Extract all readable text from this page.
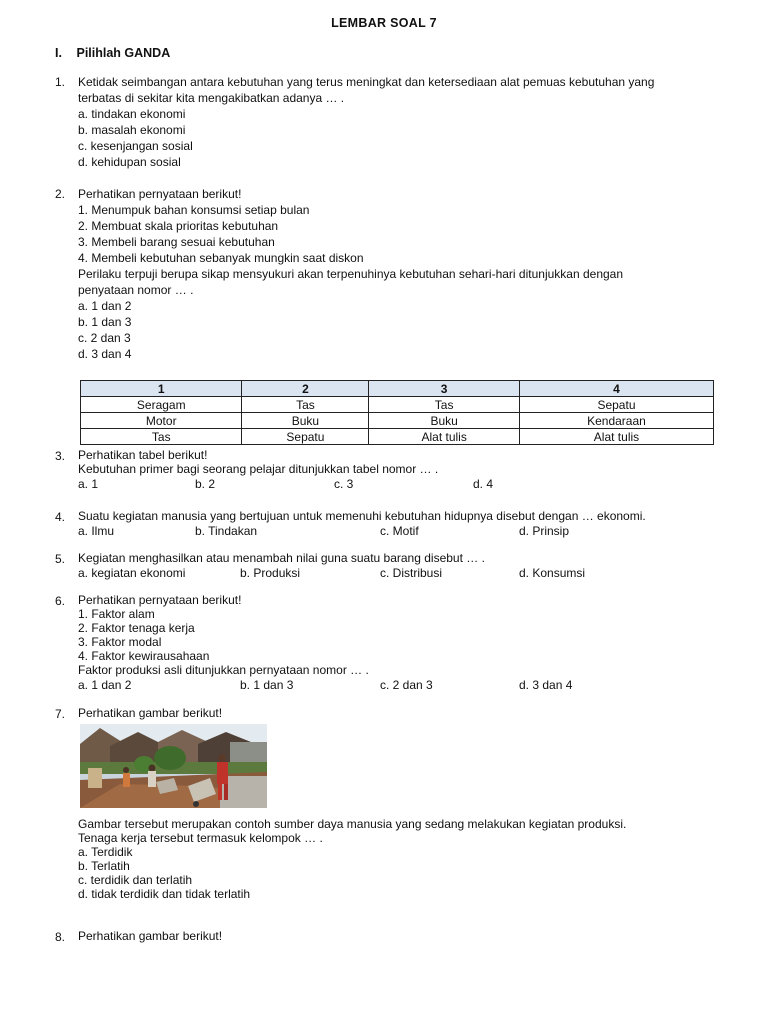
LEMBAR SOAL 7
I. Pilihlah GANDA
1. Ketidak seimbangan antara kebutuhan yang terus meningkat dan ketersediaan alat pemuas kebutuhan yang
terbatas di sekitar kita mengakibatkan adanya … .
a. tindakan ekonomi
b. masalah ekonomi
c. kesenjangan sosial
d. kehidupan sosial
2. Perhatikan pernyataan berikut!
1. Menumpuk bahan konsumsi setiap bulan
2. Membuat skala prioritas kebutuhan
3. Membeli barang sesuai kebutuhan
4. Membeli kebutuhan sebanyak mungkin saat diskon
Perilaku terpuji berupa sikap mensyukuri akan terpenuhinya kebutuhan sehari-hari ditunjukkan dengan
penyataan nomor … .
a. 1 dan 2
b. 1 dan 3
c. 2 dan 3
d. 3 dan 4
1	2	3	4
Seragam	Tas	Tas	Sepatu
Motor	Buku	Buku	Kendaraan
Tas	Sepatu	Alat tulis	Alat tulis
3. Perhatikan tabel berikut!
Kebutuhan primer bagi seorang pelajar ditunjukkan tabel nomor … .
a. 1	b. 2	c. 3	d. 4
4. Suatu kegiatan manusia yang bertujuan untuk memenuhi kebutuhan hidupnya disebut dengan … ekonomi.
a. Ilmu	b. Tindakan	c. Motif	d. Prinsip
5. Kegiatan menghasilkan atau menambah nilai guna suatu barang disebut … .
a. kegiatan ekonomi	b. Produksi	c. Distribusi	d. Konsumsi
6. Perhatikan pernyataan berikut!
1. Faktor alam
2. Faktor tenaga kerja
3. Faktor modal
4. Faktor kewirausahaan
Faktor produksi asli ditunjukkan pernyataan nomor … .
a. 1 dan 2	b. 1 dan 3	c. 2 dan 3	d. 3 dan 4
7. Perhatikan gambar berikut!
Gambar tersebut merupakan contoh sumber daya manusia yang sedang melakukan kegiatan produksi.
Tenaga kerja tersebut termasuk kelompok … .
a. Terdidik
b. Terlatih
c. terdidik dan terlatih
d. tidak terdidik dan tidak terlatih
8. Perhatikan gambar berikut!
